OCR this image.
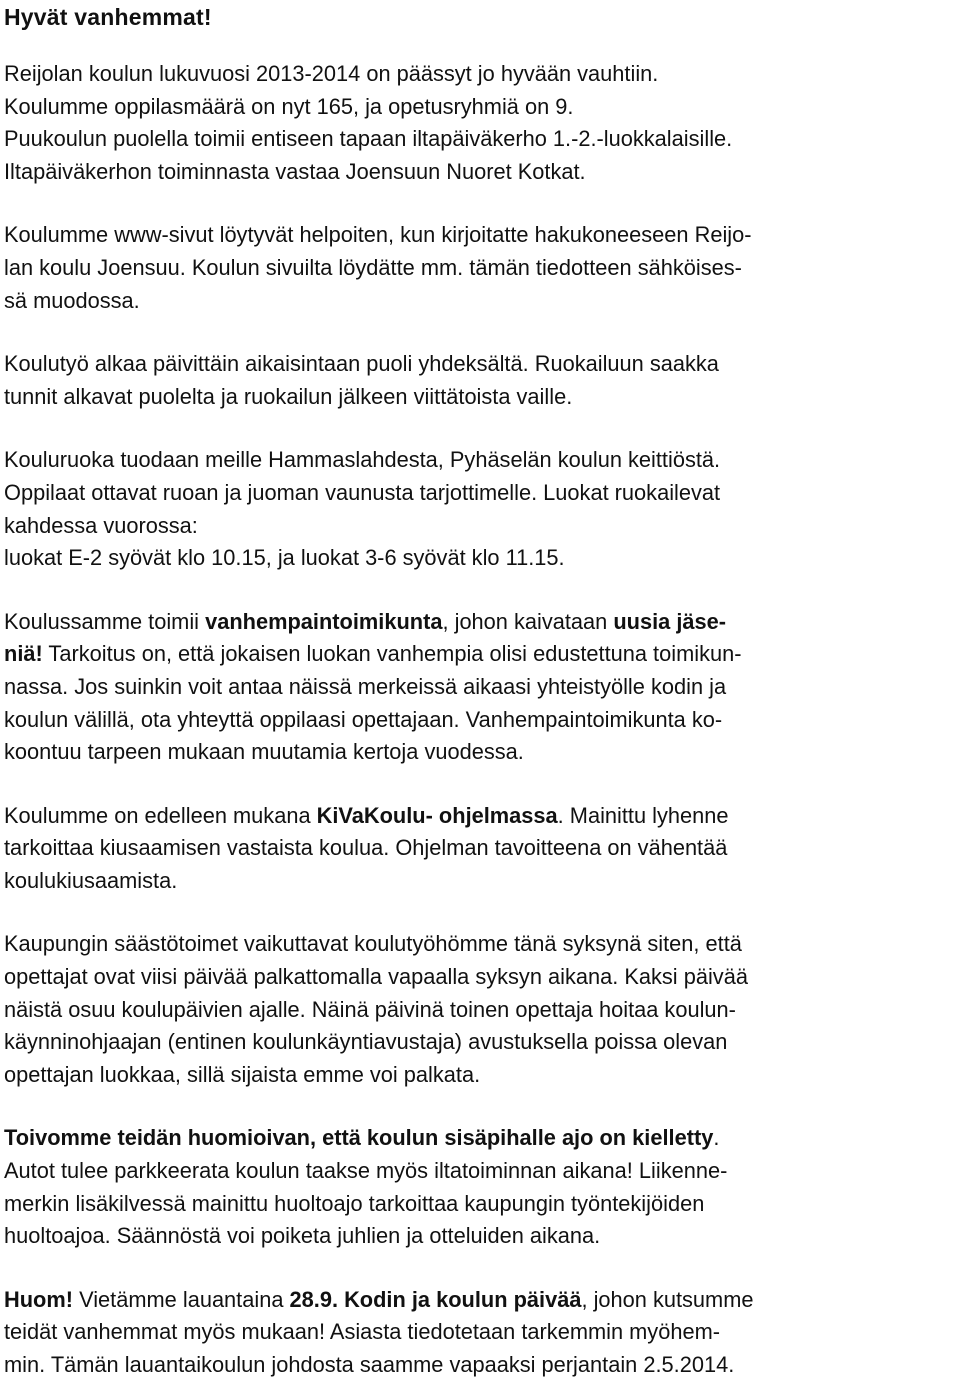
Hyvät vanhemmat!
Reijolan koulun lukuvuosi 2013-2014 on päässyt jo hyvään vauhtiin.
Koulumme oppilasmäärä on nyt 165, ja opetusryhmiä on 9.
Puukoulun puolella toimii entiseen tapaan iltapäiväkerho 1.-2.-luokkalaisille.
Iltapäiväkerhon toiminnasta vastaa Joensuun Nuoret Kotkat.
Koulumme www-sivut löytyvät helpoiten, kun kirjoitatte hakukoneeseen Reijo-
lan koulu Joensuu. Koulun sivuilta löydätte mm. tämän tiedotteen sähköises-
sä muodossa.
Koulutyö alkaa päivittäin aikaisintaan puoli yhdeksältä. Ruokailuun saakka
tunnit alkavat puolelta ja ruokailun jälkeen viittätoista vaille.
Kouluruoka tuodaan meille Hammaslahdesta, Pyhäselän koulun keittiöstä.
Oppilaat ottavat ruoan ja juoman vaunusta tarjottimelle. Luokat ruokailevat
kahdessa vuorossa:
luokat E-2 syövät klo 10.15, ja luokat 3-6 syövät klo 11.15.
Koulussamme toimii vanhempaintoimikunta, johon kaivataan uusia jäse-
niä! Tarkoitus on, että jokaisen luokan vanhempia olisi edustettuna toimikun-
nassa. Jos suinkin voit antaa näissä merkeissä aikaasi yhteistyölle kodin ja
koulun välillä, ota yhteyttä oppilaasi opettajaan. Vanhempaintoimikunta ko-
koontuu tarpeen mukaan muutamia kertoja vuodessa.
Koulumme on edelleen mukana KiVaKoulu- ohjelmassa. Mainittu lyhenne
tarkoittaa kiusaamisen vastaista koulua. Ohjelman tavoitteena on vähentää
koulukiusaamista.
Kaupungin säästötoimet vaikuttavat koulutyöhömme tänä syksynä siten, että
opettajat ovat viisi päivää palkattomalla vapaalla syksyn aikana. Kaksi päivää
näistä osuu koulupäivien ajalle. Näinä päivinä toinen opettaja hoitaa koulun-
käynninohjaajan (entinen koulunkäyntiavustaja) avustuksella poissa olevan
opettajan luokkaa, sillä sijaista emme voi palkata.
Toivomme teidän huomioivan, että koulun sisäpihalle ajo on kielletty.
Autot tulee parkkeerata koulun taakse myös iltatoiminnan aikana! Liikenne-
merkin lisäkilvessä mainittu huoltoajo tarkoittaa kaupungin työntekijöiden
huoltoajoa. Säännöstä voi poiketa juhlien ja otteluiden aikana.
Huom! Vietämme lauantaina 28.9. Kodin ja koulun päivää, johon kutsumme
teidät vanhemmat myös mukaan! Asiasta tiedotetaan tarkemmin myöhem-
min. Tämän lauantaikoulun johdosta saamme vapaaksi perjantain 2.5.2014.
